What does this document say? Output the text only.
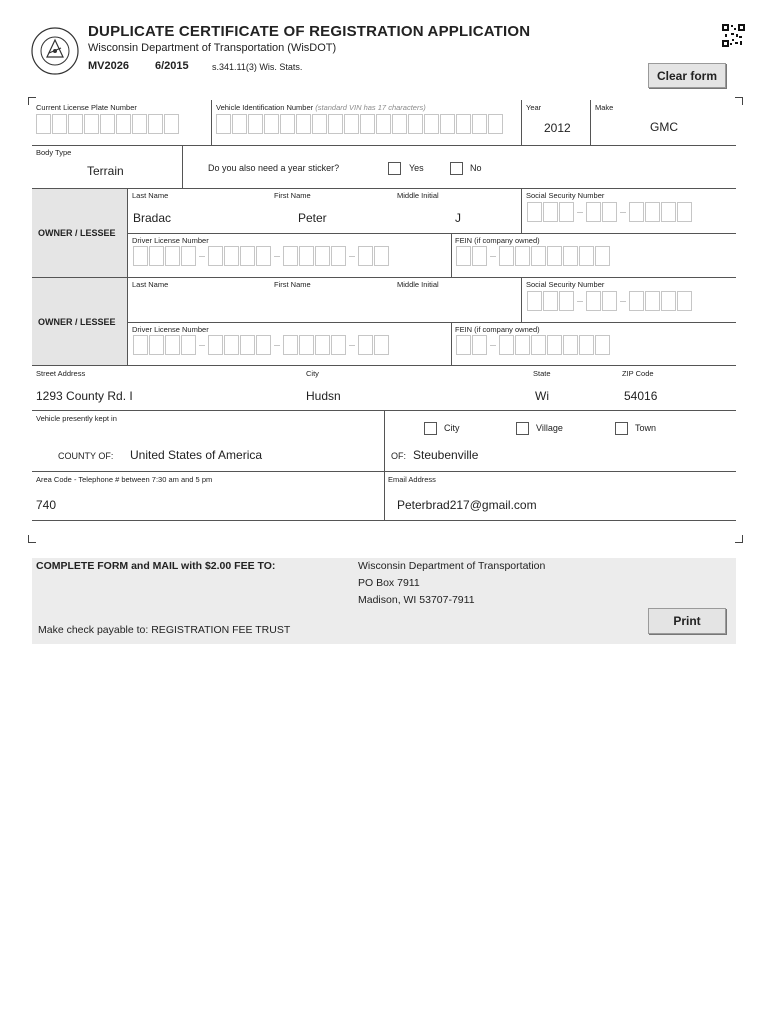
DUPLICATE CERTIFICATE OF REGISTRATION APPLICATION
Wisconsin Department of Transportation (WisDOT)
MV2026 6/2015	s.341.11(3) Wis. Stats.
Clear form
Current License Plate Number	Vehicle Identification Number (standard VIN has 17 characters)	Year
2012
Make
GMC
Body Type
Terrain	Do you also need a year sticker?	Yes	No
OWNER / LESSEE
Last Name
Bradac
First Name
Peter
Middle Initial
J
Social Security Number
Driver License Number	FEIN (if company owned)
OWNER / LESSEE
Last Name	First Name	Middle Initial	Social Security Number
Driver License Number	FEIN (if company owned)
Street Address
1293 County Rd. I
City
Hudsn
State
Wi
ZIP Code
54016
Vehicle presently kept in
City	Village	Town
COUNTY OF: United States of America	OF: Steubenville
Area Code - Telephone # between 7:30 am and 5 pm
740
Email Address
Peterbrad217@gmail.com
COMPLETE FORM and MAIL with $2.00 FEE TO:	Wisconsin Department of Transportation
PO Box 7911
Madison, WI 53707-7911
Make check payable to: REGISTRATION FEE TRUST
Print
